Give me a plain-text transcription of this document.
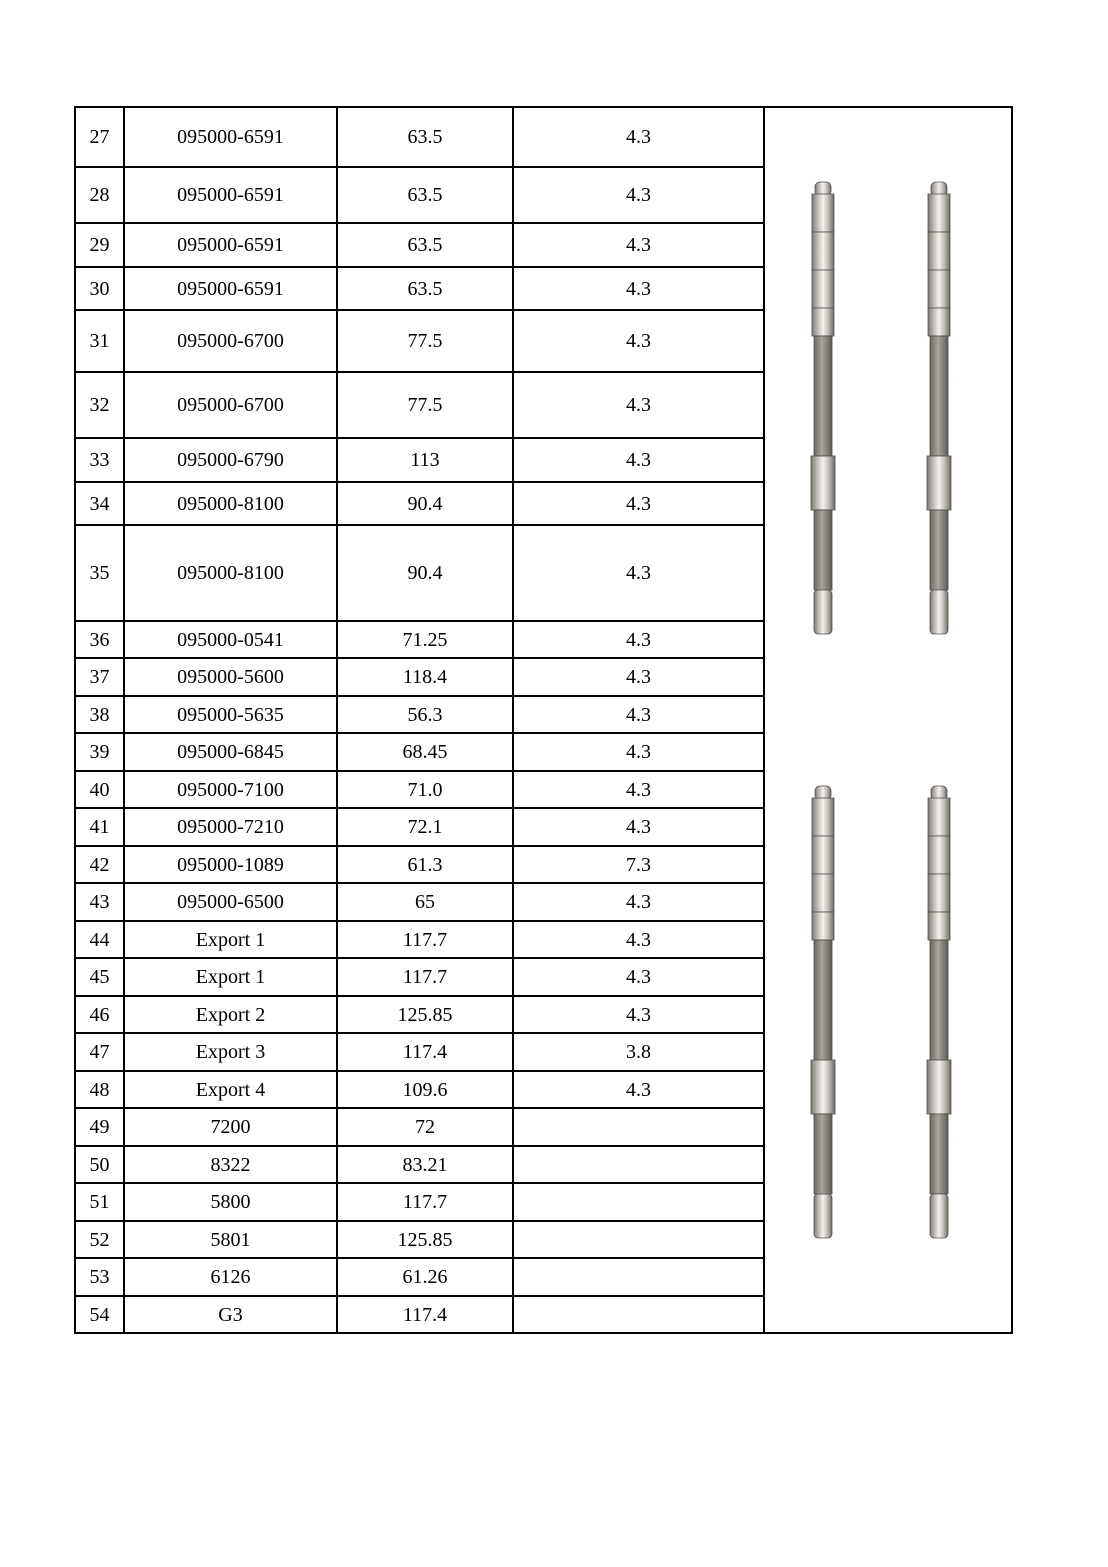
27	095000-6591	63.5	4.3	

28	095000-6591	63.5	4.3	
29	095000-6591	63.5	4.3	
30	095000-6591	63.5	4.3	
31	095000-6700	77.5	4.3	
32	095000-6700	77.5	4.3	
33	095000-6790	113	4.3	
34	095000-8100	90.4	4.3	
35	095000-8100	90.4	4.3	
36	095000-0541	71.25	4.3	
37	095000-5600	118.4	4.3	
38	095000-5635	56.3	4.3	
39	095000-6845	68.45	4.3	
40	095000-7100	71.0	4.3	
41	095000-7210	72.1	4.3	
42	095000-1089	61.3	7.3	
43	095000-6500	65	4.3	
44	Export 1	117.7	4.3	
45	Export 1	117.7	4.3	
46	Export 2	125.85	4.3	
47	Export 3	117.4	3.8	
48	Export 4	109.6	4.3	
49	7200	72		
50	8322	83.21		
51	5800	117.7		
52	5801	125.85		
53	6126	61.26		
54	G3	117.4		
